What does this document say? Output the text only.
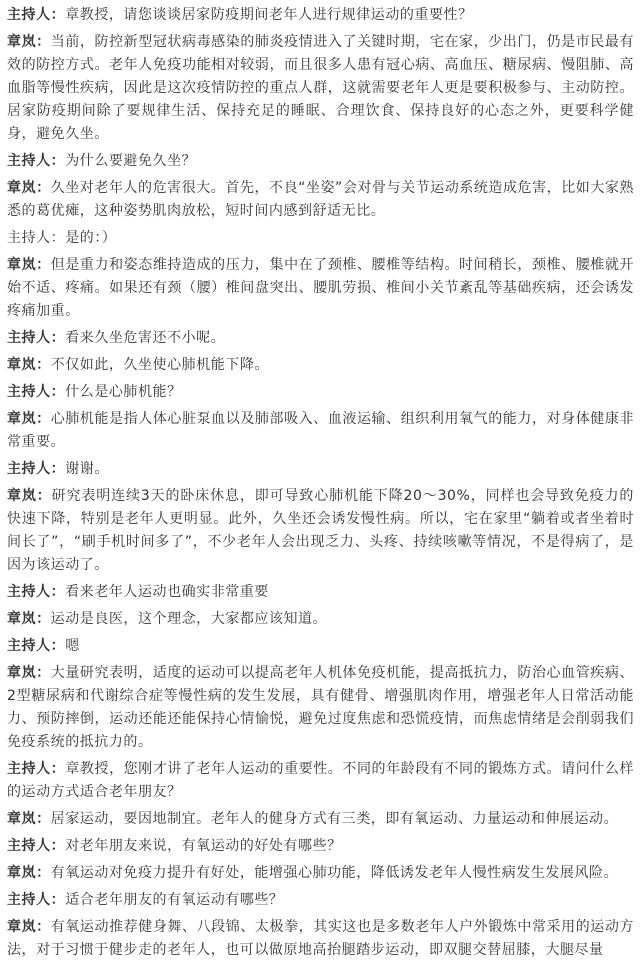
主持人：章教授，请您谈谈居家防疫期间老年人进行规律运动的重要性？

章岚：当前，防控新型冠状病毒感染的肺炎疫情进入了关键时期，宅在家，少出门，仍是市民最有效的防控方式。老年人免疫功能相对较弱，而且很多人患有冠心病、高血压、糖尿病、慢阻肺、高血脂等慢性疾病，因此是这次疫情防控的重点人群，这就需要老年人更是要积极参与、主动防控。居家防疫期间除了要规律生活、保持充足的睡眠、合理饮食、保持良好的心态之外，更要科学健身，避免久坐。

主持人：为什么要避免久坐？

章岚：久坐对老年人的危害很大。首先，不良“坐姿”会对骨与关节运动系统造成危害，比如大家熟悉的葛优瘫，这种姿势肌肉放松，短时间内感到舒适无比。

主持人：是的：）

章岚：但是重力和姿态维持造成的压力，集中在了颈椎、腰椎等结构。时间稍长，颈椎、腰椎就开始不适、疼痛。如果还有颈（腰）椎间盘突出、腰肌劳损、椎间小关节紊乱等基础疾病，还会诱发疼痛加重。

主持人：看来久坐危害还不小呢。

章岚：不仅如此，久坐使心肺机能下降。

主持人：什么是心肺机能？

章岚：心肺机能是指人体心脏泵血以及肺部吸入、血液运输、组织利用氧气的能力，对身体健康非常重要。

主持人：谢谢。

章岚：研究表明连续3天的卧床休息，即可导致心肺机能下降20～30%，同样也会导致免疫力的快速下降，特别是老年人更明显。此外，久坐还会诱发慢性病。所以，宅在家里“躺着或者坐着时间长了”，“刷手机时间多了”，不少老年人会出现乏力、头疼、持续咳嗽等情况，不是得病了，是因为该运动了。

主持人：看来老年人运动也确实非常重要

章岚：运动是良医，这个理念，大家都应该知道。

主持人：嗯

章岚：大量研究表明，适度的运动可以提高老年人机体免疫机能，提高抵抗力，防治心血管疾病、2型糖尿病和代谢综合症等慢性病的发生发展，具有健骨、增强肌肉作用，增强老年人日常活动能力、预防摔倒，运动还能还能保持心情愉悦，避免过度焦虑和恐慌疫情，而焦虑情绪是会削弱我们免疫系统的抵抗力的。

主持人：章教授，您刚才讲了老年人运动的重要性。不同的年龄段有不同的锻炼方式。请问什么样的运动方式适合老年朋友？

章岚：居家运动，要因地制宜。老年人的健身方式有三类，即有氧运动、力量运动和伸展运动。

主持人：对老年朋友来说，有氧运动的好处有哪些？

章岚：有氧运动对免疫力提升有好处，能增强心肺功能，降低诱发老年人慢性病发生发展风险。

主持人：适合老年朋友的有氧运动有哪些？

章岚：有氧运动推荐健身舞、八段锦、太极拳，其实这也是多数老年人户外锻炼中常采用的运动方法，对于习惯于健步走的老年人，也可以做原地高抬腿踏步运动，即双腿交替屈膝，大腿尽量
